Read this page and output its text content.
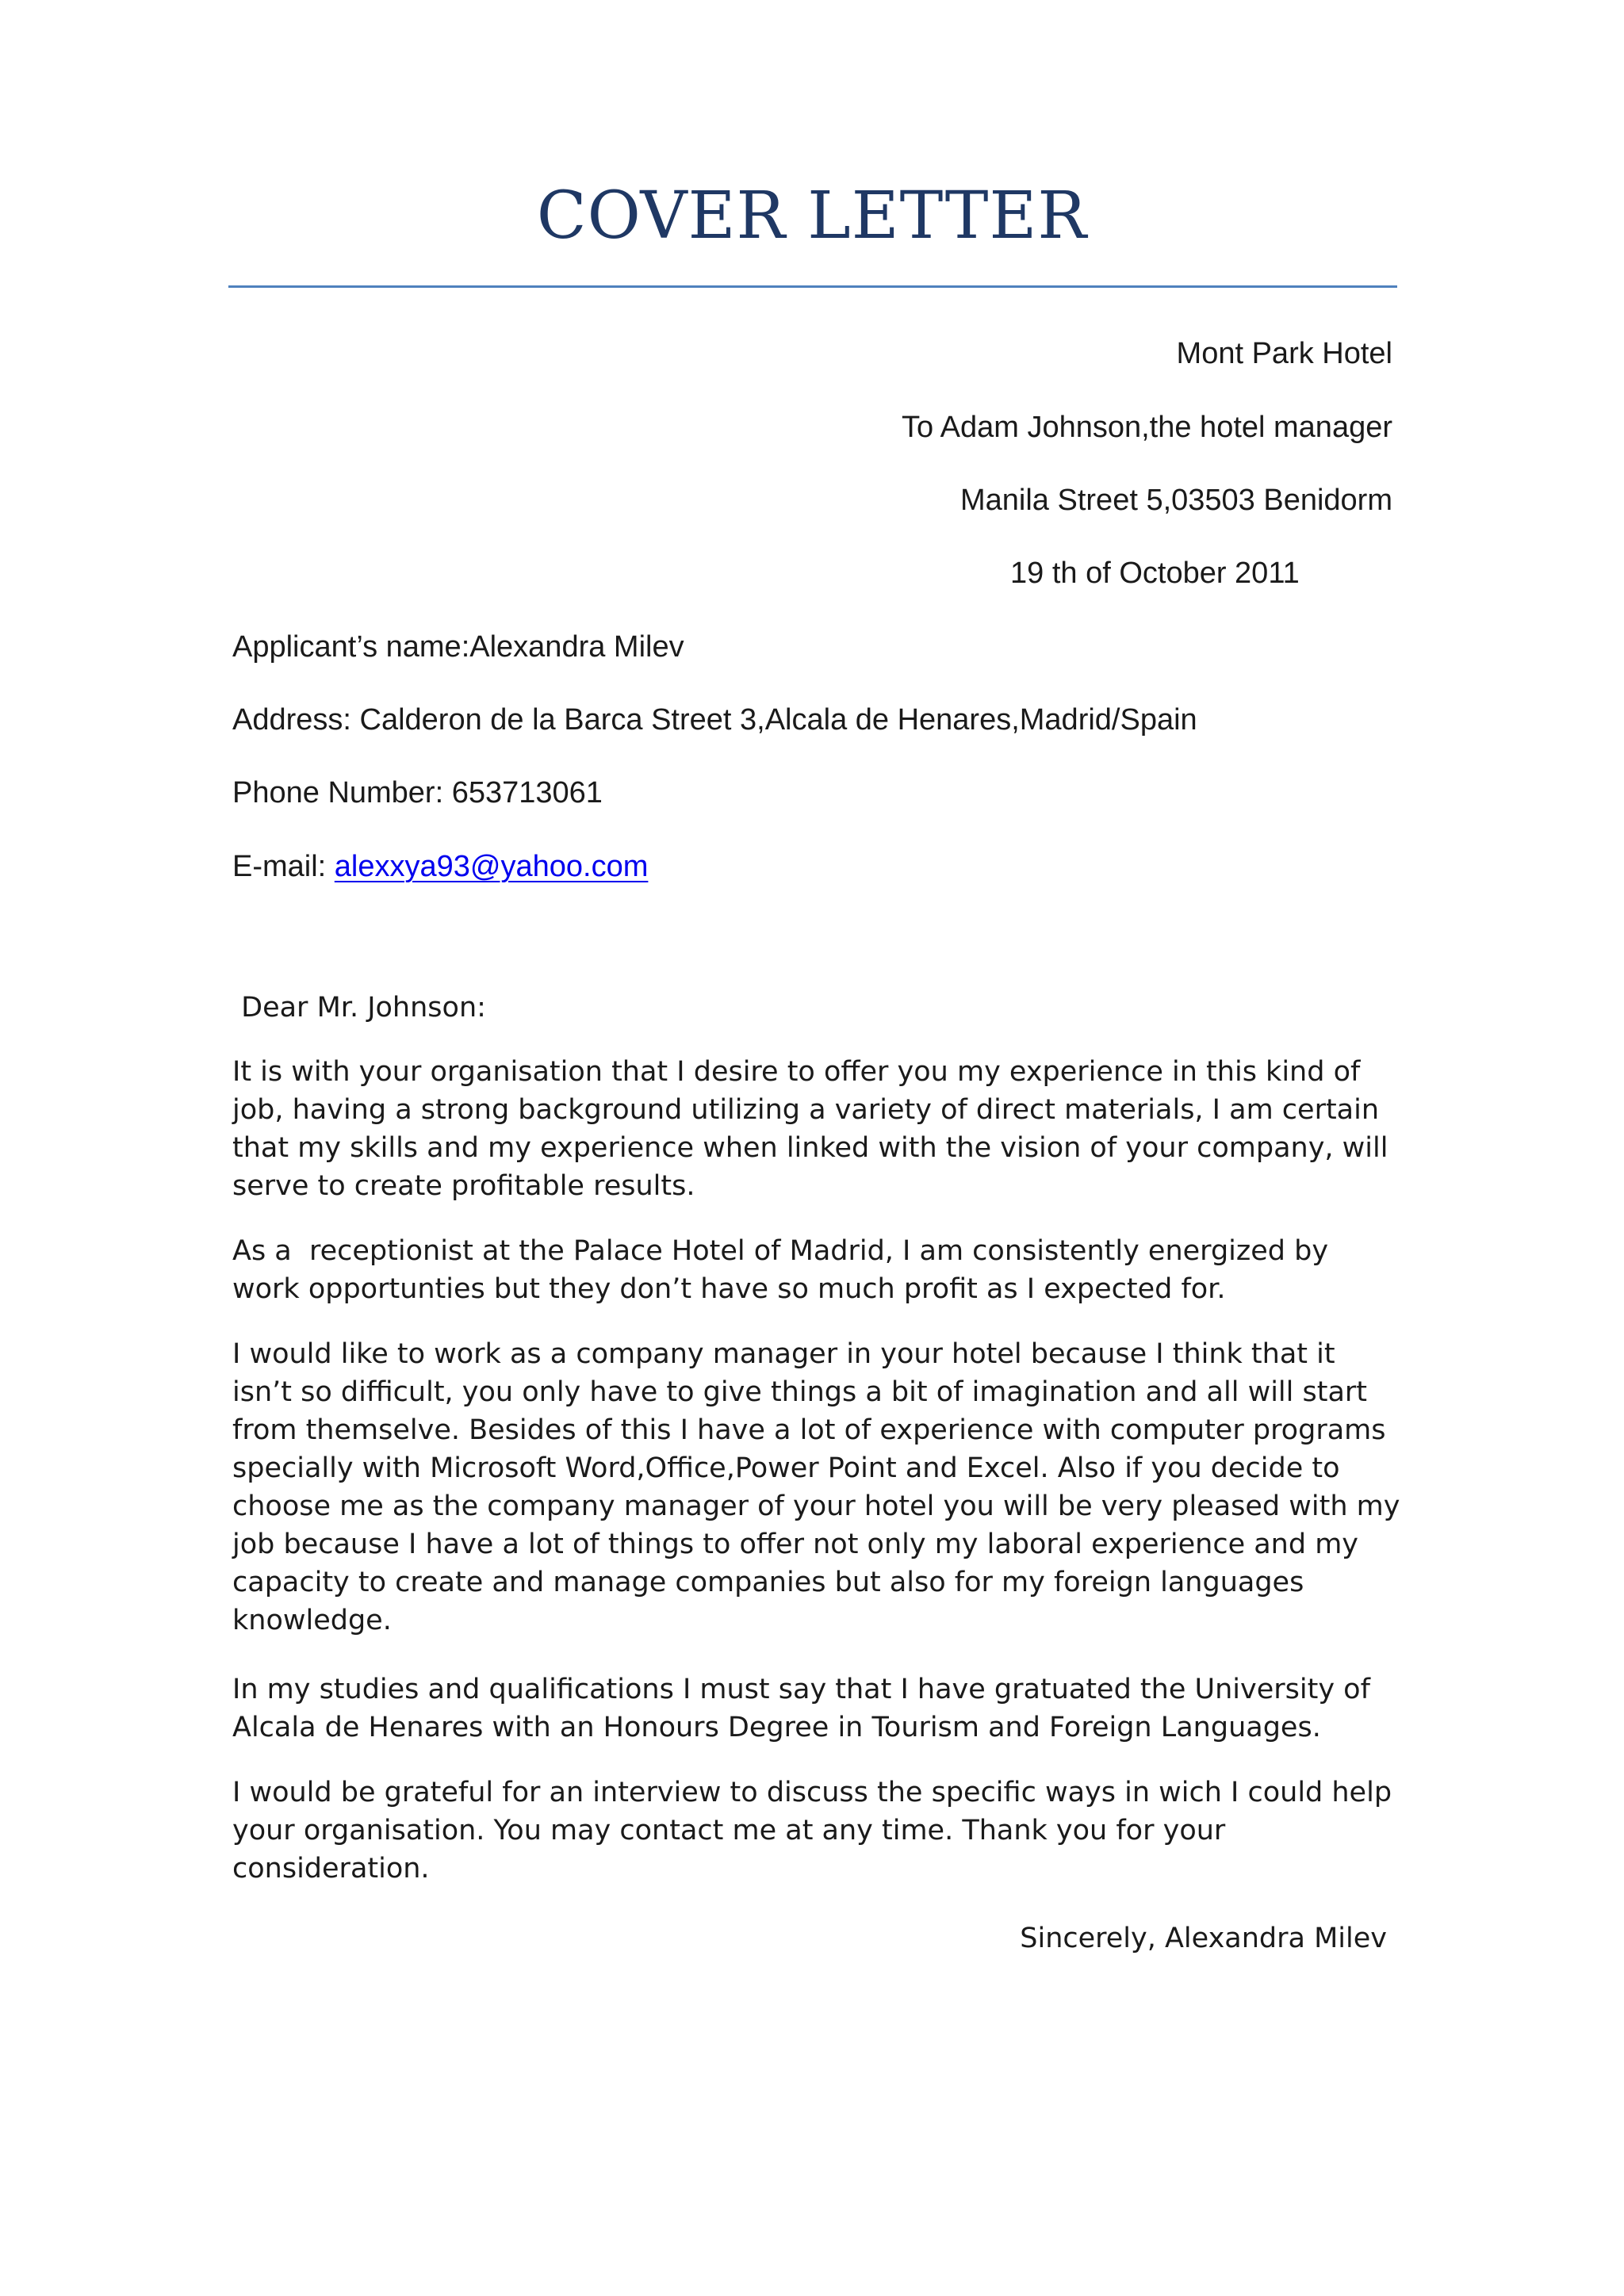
COVER LETTER
Mont Park Hotel
To Adam Johnson,the hotel manager
Manila Street 5,03503 Benidorm
19 th of October 2011
Applicant’s name:Alexandra Milev
Address: Calderon de la Barca Street 3,Alcala de Henares,Madrid/Spain
Phone Number: 653713061
E-mail: alexxya93@yahoo.com
Dear Mr. Johnson:

It is with your organisation that I desire to offer you my experience in this kind of
job, having a strong background utilizing a variety of direct materials, I am certain
that my skills and my experience when linked with the vision of your company, will
serve to create profitable results.

As a  receptionist at the Palace Hotel of Madrid, I am consistently energized by
work opportunties but they don’t have so much profit as I expected for.

I would like to work as a company manager in your hotel because I think that it
isn’t so difficult, you only have to give things a bit of imagination and all will start
from themselve. Besides of this I have a lot of experience with computer programs
specially with Microsoft Word,Office,Power Point and Excel. Also if you decide to
choose me as the company manager of your hotel you will be very pleased with my
job because I have a lot of things to offer not only my laboral experience and my
capacity to create and manage companies but also for my foreign languages
knowledge.

In my studies and qualifications I must say that I have gratuated the University of
Alcala de Henares with an Honours Degree in Tourism and Foreign Languages.

I would be grateful for an interview to discuss the specific ways in wich I could help
your organisation. You may contact me at any time. Thank you for your
consideration.

Sincerely, Alexandra Milev
